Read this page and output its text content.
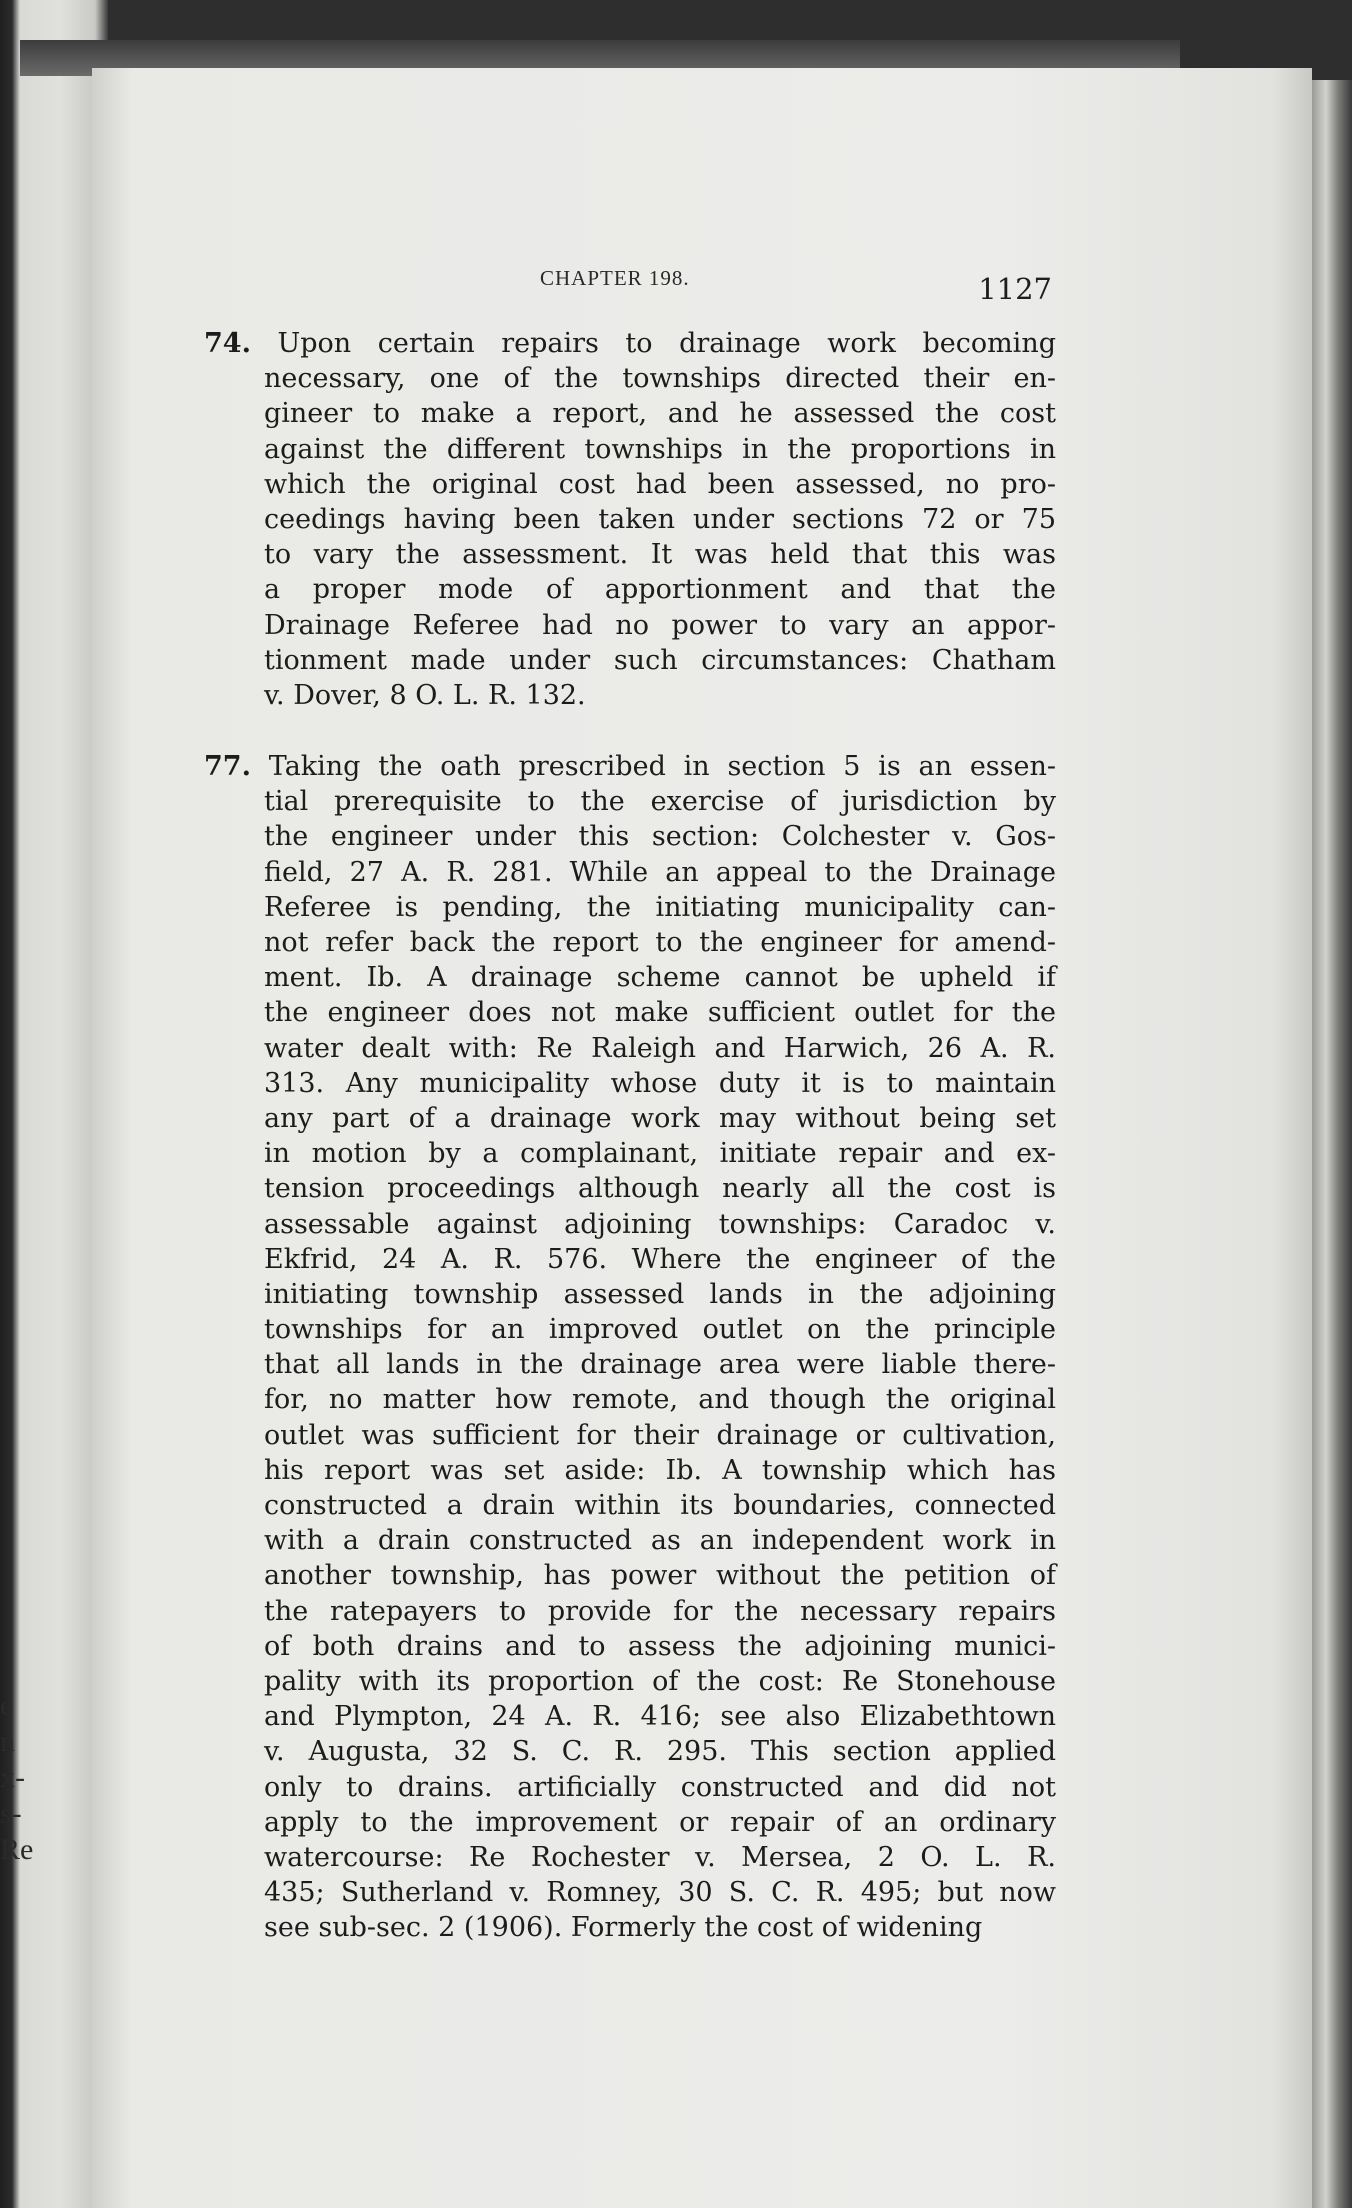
e
n
x-
s-
Re
CHAPTER 198.	1127
74. Upon certain repairs to drainage work becoming
necessary, one of the townships directed their en-
gineer to make a report, and he assessed the cost
against the different townships in the proportions in
which the original cost had been assessed, no pro-
ceedings having been taken under sections 72 or 75
to vary the assessment. It was held that this was
a proper mode of apportionment and that the
Drainage Referee had no power to vary an appor-
tionment made under such circumstances: Chatham
v. Dover, 8 O. L. R. 132.
77. Taking the oath prescribed in section 5 is an essen-
tial prerequisite to the exercise of jurisdiction by
the engineer under this section: Colchester v. Gos-
field, 27 A. R. 281. While an appeal to the Drainage
Referee is pending, the initiating municipality can-
not refer back the report to the engineer for amend-
ment. Ib. A drainage scheme cannot be upheld if
the engineer does not make sufficient outlet for the
water dealt with: Re Raleigh and Harwich, 26 A. R.
313. Any municipality whose duty it is to maintain
any part of a drainage work may without being set
in motion by a complainant, initiate repair and ex-
tension proceedings although nearly all the cost is
assessable against adjoining townships: Caradoc v.
Ekfrid, 24 A. R. 576. Where the engineer of the
initiating township assessed lands in the adjoining
townships for an improved outlet on the principle
that all lands in the drainage area were liable there-
for, no matter how remote, and though the original
outlet was sufficient for their drainage or cultivation,
his report was set aside: Ib. A township which has
constructed a drain within its boundaries, connected
with a drain constructed as an independent work in
another township, has power without the petition of
the ratepayers to provide for the necessary repairs
of both drains and to assess the adjoining munici-
pality with its proportion of the cost: Re Stonehouse
and Plympton, 24 A. R. 416; see also Elizabethtown
v. Augusta, 32 S. C. R. 295. This section applied
only to drains. artificially constructed and did not
apply to the improvement or repair of an ordinary
watercourse: Re Rochester v. Mersea, 2 O. L. R.
435; Sutherland v. Romney, 30 S. C. R. 495; but now
see sub-sec. 2 (1906). Formerly the cost of widening
